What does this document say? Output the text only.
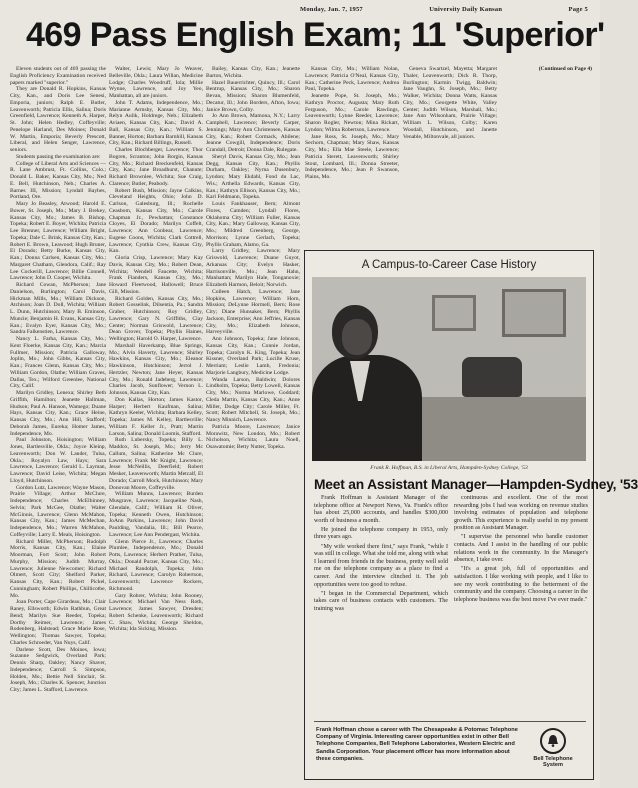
Monday, Jan. 7, 1957	University Daily Kansan	Page 5
469 Pass English Exam; 11 'Superior'

Eleven students out of 469 passing the English Proficiency Examination received papers marked "superior."

They are Donald R. Hopkins, Kansas City, Kan., and Doris Lee Senesi, Emporia, juniors; Ralph E. Butler, Leavenworth; Patricia Ellis, Salina; Doris Greenfield, Lawrence; Kenneth A. Harper, St. John; Helen Hedley, Coffeyville; Penelope Harland, Des Moines; Donald W. Martin, Emporia; Beverly Prescott, Liberal, and Helen Senger, Lawrence, seniors.

Students passing the examination are:

College of Liberal Arts and Sciences — R. Lane Ambrust, Ft. Collins, Colo.; Donald L. Baker, Kansas City, Mo.; Ned E. Bell, Hutchinson, Neb.; Charles A. Barnes III, Mission; Lyndall Baybes, Portland, Ore.

Mary Jo Beasley, Atwood; Harold E. Bower, St. Joseph, Mo.; Mary J. Brekey, Kansas City, Mo.; James B. Bishop, Topeka; Robert E. Boyer, Wichita; Patricia Lee Brenner, Lawrence; William Bright, Topeka; Dale C. Brink, Kansas City, Kan.; Robert E. Brown, Leawood; Hugh Bruner, El Dorado; Betty Burke, Kansas City, Kan.; Donna Carlsen, Kansas City, Mo.; Margaret Chatham, Glendora, Calif.; Ray Lee Cockerill, Lawrence; Billie Connell, Lawrence; John D. Cooper, Wichita.

Richard Cowan, McPherson; Jane Danielson, Burlington; Carol Davis, Hickman Mills, Mo.; William Dickson, Atchison; Joan D. Doll, Wichita; William L. Dunn, Hutchinson; Mary B. Eminson, Muncie; Benjamin H. Evans, Kansas City, Kan.; Evalyn Eyer, Kansas City, Mo.; Sandra Falkenstien, Lawrence.

Nancy L. Farha, Kansas City, Mo.; Kent Floerke, Kansas City, Kan.; Marcia Fullmer, Mission; Patricia Galloway, Joplin, Mo.; John Gibbs, Kansas City, Kan.; Frances Glenn, Kansas City, Mo.; William Gordon, Olathe; William Graves, Dallas, Tex.; Wilford Greenlee, National City, Calif.

Marilyn Gridley, Lenexa; Shirley Beth Griffith, Hamilton; Jeanette Hallman, Hudson; Paul A. Hanson, Wamego; Duane Hays, Kansas City, Kan.; Grace Heine, Kansas City, Mo.; Ann Hill, Stafford; Deborah James, Eureka; Homer James, Independence, Mo.

Paul Johnston, Hoisington; William Jones, Bartlesville, Okla.; Joyce Kleinp, Leavenworth; Don W. Lander, Tulsa, Okla.; Royalyn Law, Hays; Sara Lawrence, Lawrence; Gerald L. Layman, Lawrence; David Leise, Wichita; Megan Lloyd, Hutchinson.

Gordon Lutz, Lawrence; Wayne Mason, Prairie Village; Arthur McClure, Independence; Charles McElhinney, Selvin; Park McGee, Olathe; Walter McGinnis, Lawrence; Glenn McMahon, Kansas City, Kan.; James McMechan, Independence, Mo.; Warren McMahon, Coffeyville; Larry E. Meals, Hoisington.

Richard Miller, McPherson; Rudolph Morris, Kansas City, Kan.; Elaine Moorman, Fort Scott; John Robert Murphy, Mission; Judith Murray, Lawrence; Julienne Newcomer; Richard Olmert, Scott City; Shelford Parker, Kansas City, Kan.; Robert Pickel, Cunningham; Robert Phillips, Chillicothe, Mo.

Joan Porter, Cape Girardeau, Mo.; Clair Raney, Ellsworth; Edwin Rathbun, Great Bend; Marilyn Sue Reeder, Topeka; Dorthy Reimer, Lawrence; James Rodenberg, Halstead; Grace Marie Rose, Wellington; Thomas Sawyer, Topeka; Charles Schroeder, Van Nuys, Calif.

Darlene Scott, Des Moines, Iowa; Suzanne Sedgwick, Overland Park; Dennis Sharp, Oakley; Nancy Shaver, Independence; Carroll S. Simpson, Holden, Mo.; Bettie Nell Sinclair, St. Joseph, Mo.; Charles K. Spencer, Junction City; James L. Stafford, Lawrence.

Walter, Lewis; Mary Jo Weaver, Belleville, Okla.; Laura Willan, Medicine Lodge; Charles Woodruff, Iola; Millie Wynne, Lawrence, and Joy Yeo, Manhattan, all are juniors.

John T. Adams, Independence, Mo.; Marianne Armsby, Kansas City, Mo.; Relyn Aulik, Holdrege, Neb.; Elizabeth Aviaen, Kansas City, Kan.; David A. Ball, Kansas City, Kan.; William S. Banner, Horton; Barbara Barnhill, Kansas City, Kan.; Richard Billings, Russell.

Charles Blochberger, Lawrence; Thor Bogren, Scranton; John Borgin, Kansas City, Mo.; Richard Breckenfeld, Kansas City, Kan.; Jane Broadhurst, Chanute; Richard Brownlee, Wichita; Sue Craig, Clarence; Butler, Peabody.

Robert Bush, Mission; Jayne Calkins, Cleveland Heights, Ohio; John D. Carlson, Galesburg, Ill.; Rochelle Ceasbom, Kansas City, Mo.; Carole Chapman Jr., Pewhattan; Constance Cloyes, El Dorado; Marilyn Coffelt, Lawrence; Ann Conbear, Lawrence; Eugene Coons, Wichita; Clark Cottrell, Lawrence; Cynthia Crew, Kansas City, Kan.

Gloria Crisp, Lawrence; Mary Kay Davis, Kansas City, Mo.; Robert Dean, Wichita; Wendell Faucette, Wichita; Frank Flanders, Kansas City, Mo.; Howard Fleetwood, Hallowell; Bruce Gill, Mission.

Richard Golden, Kansas City, Mo.; Robert Gosselink, Dilsentia, Pa.; Sandra Graber, Hutchinson; Roy Gridley, Lawrence; Gary N. Griffiths, Clay Center; Norman Griswold, Lawrence; Dean Grover, Topeka; Phyllis Haines, Wellington; Harold O. Harper, Lawrence.

Marshall Haverkamp, Blue Springs, Mo.; Alvin Haverty, Lawrence; Shirley Hawkins, Kansas City, Mo.; Eleanor Hawkinson, Hutchinson; Jerrol J. Hertzler, Newton; Jane Heyer, Kansas City, Mo.; Ronald Jadeberg, Lawrence; Charles Jacob, Sunflower; Vernon L. Johnson, Kansas City, Kan.

Don Kallas, Horton; James Kastor, Harper; Herbert Kaufman, Salina; Kathryn Keeler, Wichita; Barbara Kelley, Topeka; James M. Kelley, Bartlesville; William F. Keller Jr., Pratt; Martin Larson, Salina; Donald Loomis, Stafford.

Ruth Lubersky, Topeka; Billy L. Maddox, St. Joseph, Mo.; Jerry Mc Callum, Salina; Katherine Mc Clure, Lawrence; Frank Mc Knight, Lawrence; Jesse McNeillis, Deerfield; Robert Mesker, Leavenworth; Martin Metcalf, El Dorado; Carroll Mock, Hutchinson; Mary Donovan Moore, Coffeyville.

William Munns, Lawrence; Burden Musgrave, Lawrence; Jacqueline Nash, Glendale, Calif.; William H. Oliver, Topeka; Kenneth Owen, Hutchinson; JoAnn Parkins, Lawrence; John David Paulding, Vandalia, Ill.; Bill Pearce, Lawrence; Lee Ann Pendergast, Wichita.

Glenn Pierce Jr., Lawrence; Charles Plumlee, Independence, Mo.; Donald Potts, Lawrence; Herbert Prather, Tulsa, Okla.; Donald Purzer, Kansas City, Mo.; Michael Randolph, Topeka; John Richard, Lawrence; Carolyn Robertson, Leavenworth; Lawrence Rockers, Richmond.

Gary Rohrer, Wichita; John Rooney, Lawrence; Michael Van Ness Roth, Lawrence; James Sawyer, Dresden; Robert Schenke, Leavenworth; Richard C. Shaw, Wichita; George Sheldon, Wichita; Ida Sicking, Mission.

Bailey, Kansas City, Kan.; Jeanette Barton, Wichita.

Hazel Bauerrichter, Quincy, Ill.; Carol Bentrup, Kansas City, Mo.; Sharon Bevan, Mission; Sharon Blumenfeld, Decatur, Ill.; John Borders, Afton, Iowa; Janice Brown, Colby.

Jo Ann Brown, Mamona, N.Y.; Larry Campbell, Lawrence; Beverly Carper, Jennings; Mary Ann Christensen, Kansas City, Kan.; Robert Cormack, Abilene; Jeanne Cowgill, Independence; Doris Crandall, Detroit; Donna Dale, Rulegate.

Sheryl Davis, Kansas City, Mo.; Jean Degg, Kansas City, Kan.; Phyllis Durham, Oakley; Nyrna Dusenbury, Lyndon; Mary Ekdahl, Fond du Lac, Wis.; Arthella Edwards, Kansas City, Kan.; Kathryn Ellison, Kansas City, Mo.; Karl Feldmann, Topeka.

Louis Fankhauser, Bern; Almont Flores, Camden; Lyndall Flores, Oklahoma City; William Fuller, Kansas City, Kan.; Mary Galloway, Kansas City, Mo.; Mildred Greenberg, George, Morrison; Lynne Gerlach, Topeka; Phyllis Graham, Alamo, Ga.

Larry Gridley, Lawrence; Mary Griswold, Lawrence; Duane Guyot, Arkansas City; Evelyn Hasker, Harrisonville, Mo.; Jean Hahn, Manhattan; Marilyn Hale, Tonganoxie; Elizabeth Harmon, Beloit; Norwich.

Colleen Hatch, Lawrence; Jane Hopkins, Lawrence; William Horn, Mission; DeLynne Hormell, Bern; Rose City; Diane Hunsaker, Bern; Phyllis Jackson, Enterprise; Ann Jeffries, Kansas City, Mo.; Elizabeth Johnson, Harveyville.

Ann Johnson, Topeka; Jane Johnson, Kansas City, Kan.; Connie Jordan, Topeka; Carolyn K. King, Topeka; Jean Kissner, Overland Park; Lucille Kruse, Merriam; Leslie Lamb, Fredonia; Marjorie Langbury, Medicine Lodge.

Wanda Larson, Baldwin; Dolores Lindholm, Topeka; Betty Lowell, Kansas City, Mo.; Norma Marlowe, Goddard; Cleda Martin, Kansas City, Kan.; Anne Miller, Dodge City; Carole Miller, Ft. Scott; Robert Mitchell, St. Joseph, Mo.; Nancy Minnich, Lawrence.

Patricia Moore, Lawrence; Janice Morawitz, New London, Mo.; Robert Nicholson, Wichita; Laura Noell, Osawatomie; Betty Nutter, Topeka.

Kansas City, Mo.; William Nolan, Lawrence; Patricia O'Neal, Kansas City, Kan.; Catherine Peck, Lawrence; Andrea Paul, Topeka.

Jeanette Pope, St. Joseph, Mo.; Kathryn Proctor, Augusta; Mary Ruth Ferguson, Mo.; Carole Rawlings, Leavenworth; Lynne Reeder, Lawrence; Sharon Rogler, Newton; Mina Rickart, Lyndon; Wilma Robertson, Lawrence.

Jane Ross, St. Joseph, Mo.; Mary Sechorn, Chapman; Mary Shaw, Kansas City, Mo.; Ella Mae Steele, Lawrence; Patricia Sterett, Leavenworth; Shirley Stout, Lombard, Ill.; Donna Streeter, Independence, Mo.; Jean P. Swanson, Plains, Mo.

Geneva Swartzel, Mayetta; Margaret Thaler, Leavenworth; Dick R. Thorp, Burlington; Karmin Twigg, Baldwin; Jane Vaughn, St. Joseph, Mo.; Betty Walker, Wichita; Donna Watts, Kansas City, Mo.; Georgette White, Valley Center; Judith Wilson, Marshall, Mo.; Jane Ann Wilsonham, Prairie Village; William L. Wilson, Colby; Karen Woodall, Hutchinson, and Janette Venable, Miltonvale, all juniors.

(Continued on Page 4)

A Campus-to-Career Case History
Frank R. Hoffman, B.S. in Liberal Arts, Hampden-Sydney College, '53
Meet an Assistant Manager—Hampden-Sydney, '53

Frank Hoffman is Assistant Manager of the telephone office at Newport News, Va. Frank's office has about 25,000 accounts, and handles $300,000 worth of business a month.

He joined the telephone company in 1953, only three years ago.

"My wife worked there first," says Frank, "while I was still in college. What she told me, along with what I learned from friends in the business, pretty well sold me on the telephone company as a place to find a career. And the interview clinched it. The job opportunities were too good to refuse.

"I began in the Commercial Department, which takes care of business contacts with customers. The training was

continuous and excellent. One of the most rewarding jobs I had was working on revenue studies involving estimates of population and telephone growth. This experience is really useful in my present position as Assistant Manager.

"I supervise the personnel who handle customer contacts. And I assist in the handling of our public relations work in the community. In the Manager's absence, I take over.

"It's a great job, full of opportunities and satisfaction. I like working with people, and I like to see my work contributing to the betterment of the community and the company. Choosing a career in the telephone business was the best move I've ever made."

Frank Hoffman chose a career with The Chesapeake & Potomac Telephone Company of Virginia. Interesting career opportunities exist in other Bell Telephone Companies, Bell Telephone Laboratories, Western Electric and Sandia Corporation. Your placement officer has more information about these companies.	Bell Telephone System
